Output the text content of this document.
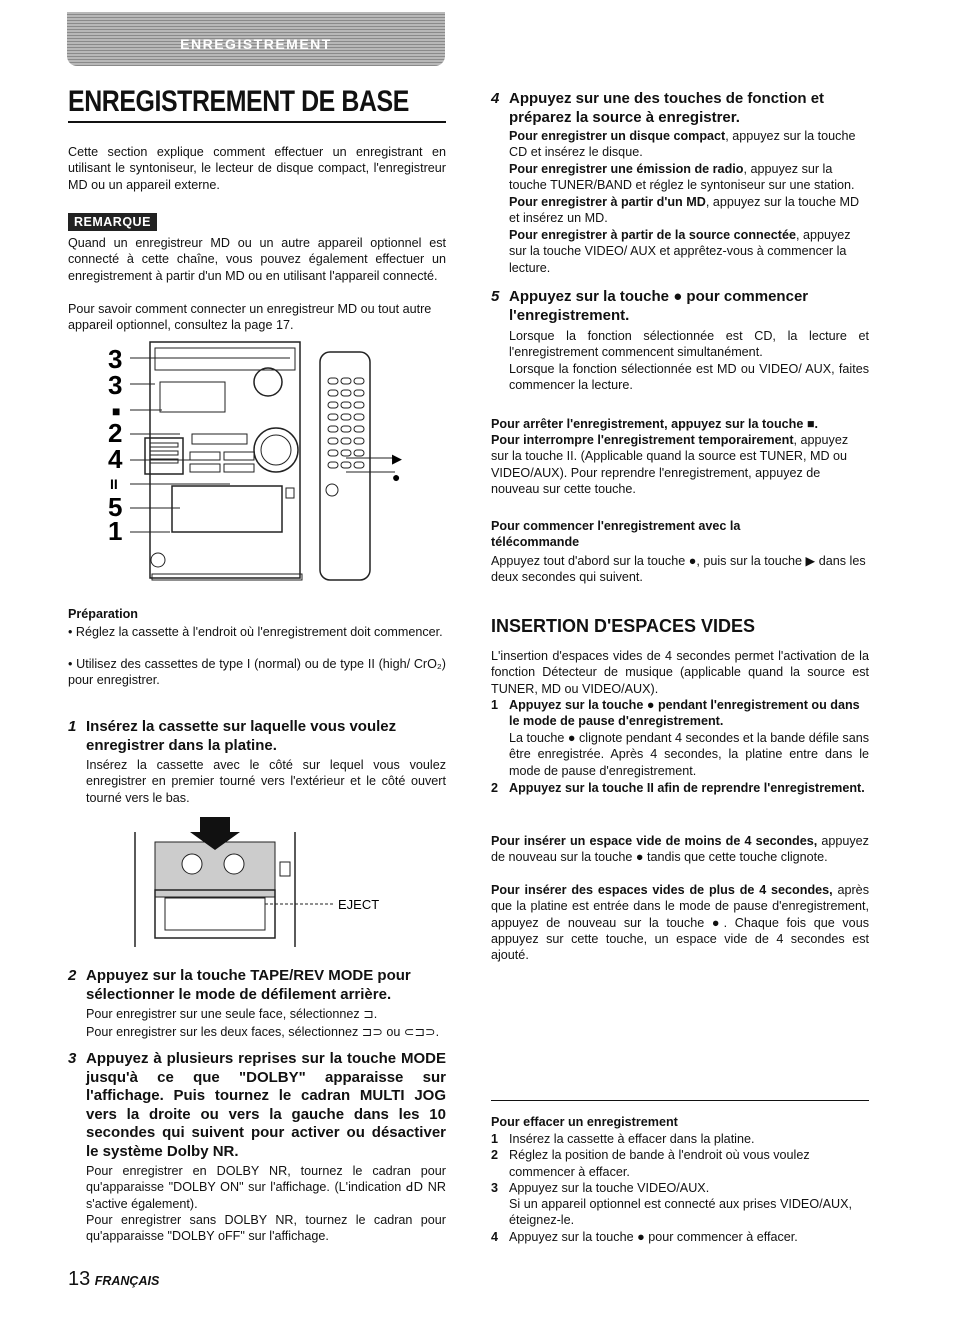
ENREGISTREMENT
ENREGISTREMENT DE BASE

Cette section explique comment effectuer un enregistrant en utilisant le syntoniseur, le lecteur de disque compact, l'enregistreur MD ou un appareil externe.

REMARQUE

Quand un enregistreur MD ou un autre appareil optionnel est connecté à cette chaîne, vous pouvez également effectuer un enregistrement à partir d'un MD ou en utilisant l'appareil connecté.

Pour savoir comment connecter un enregistreur MD ou tout autre appareil optionnel, consultez la page 17.

3
3
■
2
4
II
5
1
▶
●
Préparation

• Réglez la cassette à l'endroit où l'enregistrement doit commencer.

• Utilisez des cassettes de type I (normal) ou de type II (high/ CrO₂) pour enregistrer.

1 Insérez la cassette sur laquelle vous voulez enregistrer dans la platine.

Insérez la cassette avec le côté sur lequel vous voulez enregistrer en premier tourné vers l'extérieur et le côté ouvert tourné vers le bas.

EJECT
2 Appuyez sur la touche TAPE/REV MODE pour sélectionner le mode de défilement arrière.

Pour enregistrer sur une seule face, sélectionnez ⊐.

Pour enregistrer sur les deux faces, sélectionnez ⊐⊃ ou ⊂⊐⊃.

3 Appuyez à plusieurs reprises sur la touche MODE jusqu'à ce que "DOLBY" apparaisse sur l'affichage. Puis tournez le cadran MULTI JOG vers la droite ou vers la gauche dans les 10 secondes qui suivent pour activer ou désactiver le système Dolby NR.

Pour enregistrer en DOLBY NR, tournez le cadran pour qu'apparaisse "DOLBY ON" sur l'affichage. (L'indication ꓒꓓ NR s'active également).

Pour enregistrer sans DOLBY NR, tournez le cadran pour qu'apparaisse "DOLBY oFF" sur l'affichage.

13 FRANÇAIS
4 Appuyez sur une des touches de fonction et préparez la source à enregistrer.

Pour enregistrer un disque compact, appuyez sur la touche CD et insérez le disque.

Pour enregistrer une émission de radio, appuyez sur la touche TUNER/BAND et réglez le syntoniseur sur une station.

Pour enregistrer à partir d'un MD, appuyez sur la touche MD et insérez un MD.

Pour enregistrer à partir de la source connectée, appuyez sur la touche VIDEO/ AUX et apprêtez-vous à commencer la lecture.

5 Appuyez sur la touche ● pour commencer l'enregistrement.

Lorsque la fonction sélectionnée est CD, la lecture et l'enregistrement commencent simultanément.

Lorsque la fonction sélectionnée est MD ou VIDEO/ AUX, faites commencer la lecture.

Pour arrêter l'enregistrement, appuyez sur la touche ■.

Pour interrompre l'enregistrement temporairement, appuyez sur la touche II. (Applicable quand la source est TUNER, MD ou VIDEO/AUX). Pour reprendre l'enregistrement, appuyez de nouveau sur cette touche.

Pour commencer l'enregistrement avec la télécommande

Appuyez tout d'abord sur la touche ●, puis sur la touche ▶ dans les deux secondes qui suivent.

INSERTION D'ESPACES VIDES

L'insertion d'espaces vides de 4 secondes permet l'activation de la fonction Détecteur de musique (applicable quand la source est TUNER, MD ou VIDEO/AUX).

1 Appuyez sur la touche ● pendant l'enregistrement ou dans le mode de pause d'enregistrement.

La touche ● clignote pendant 4 secondes et la bande défile sans être enregistrée. Après 4 secondes, la platine entre dans le mode de pause d'enregistrement.

2 Appuyez sur la touche II afin de reprendre l'enregistrement.

Pour insérer un espace vide de moins de 4 secondes, appuyez de nouveau sur la touche ● tandis que cette touche clignote.

Pour insérer des espaces vides de plus de 4 secondes, après que la platine est entrée dans le mode de pause d'enregistrement, appuyez de nouveau sur la touche ●. Chaque fois que vous appuyez sur cette touche, un espace vide de 4 secondes est ajouté.

Pour effacer un enregistrement

1 Insérez la cassette à effacer dans la platine.
2 Réglez la position de bande à l'endroit où vous voulez commencer à effacer.
3 Appuyez sur la touche VIDEO/AUX.
Si un appareil optionnel est connecté aux prises VIDEO/AUX, éteignez-le.
4 Appuyez sur la touche ● pour commencer à effacer.
